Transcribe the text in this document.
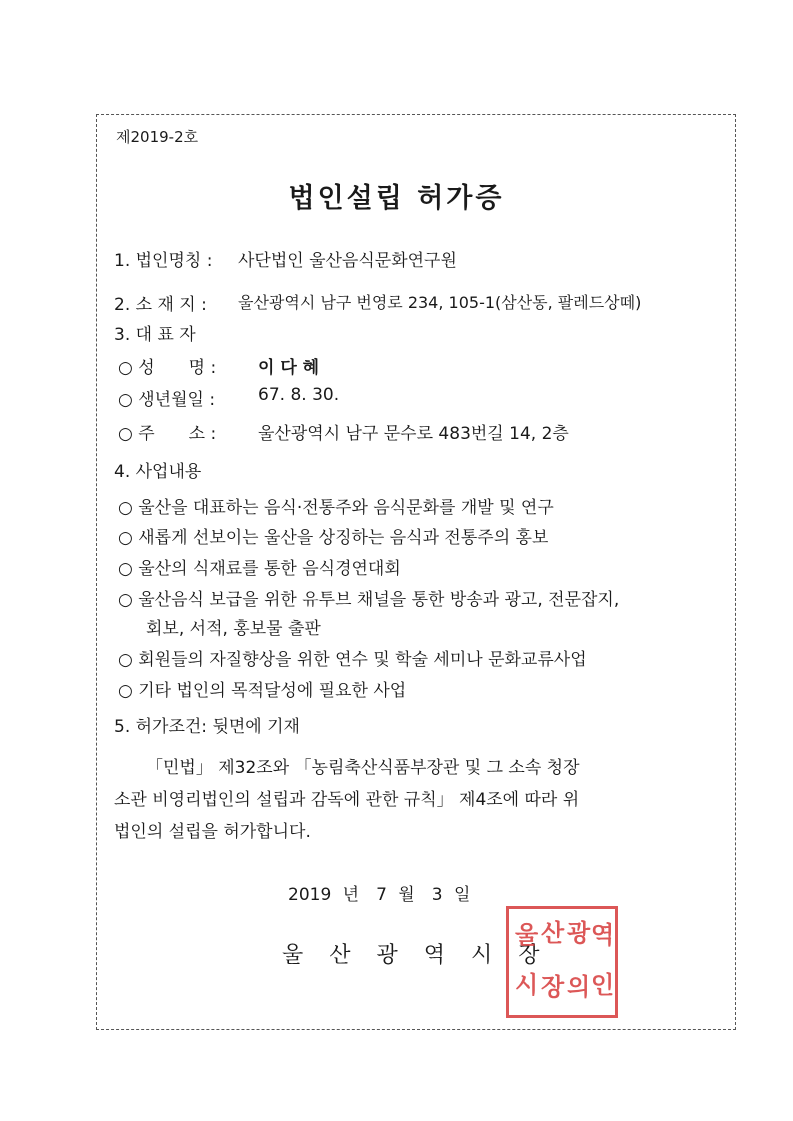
제2019-2호
법인설립 허가증
1. 법인명칭 : 사단법인 울산음식문화연구원
2. 소 재 지 : 울산광역시 남구 번영로 234, 105-1(삼산동, 팔레드상떼)
3. 대 표 자
○ 성　　명 : 이 다 혜
○ 생년월일 :	67. 8. 30.
○ 주　　소 : 울산광역시 남구 문수로 483번길 14, 2층
4. 사업내용
○ 울산을 대표하는 음식·전통주와 음식문화를 개발 및 연구
○ 새롭게 선보이는 울산을 상징하는 음식과 전통주의 홍보
○ 울산의 식재료를 통한 음식경연대회
○ 울산음식 보급을 위한 유투브 채널을 통한 방송과 광고, 전문잡지,
회보, 서적, 홍보물 출판
○ 회원들의 자질향상을 위한 연수 및 학술 세미나 문화교류사업
○ 기타 법인의 목적달성에 필요한 사업
5. 허가조건: 뒷면에 기재
「민법」 제32조와 「농림축산식품부장관 및 그 소속 청장
소관 비영리법인의 설립과 감독에 관한 규칙」 제4조에 따라 위
법인의 설립을 허가합니다.
2019 년　7 월　3 일
울산광역시장
울 산 광 역
시 장 의 인
